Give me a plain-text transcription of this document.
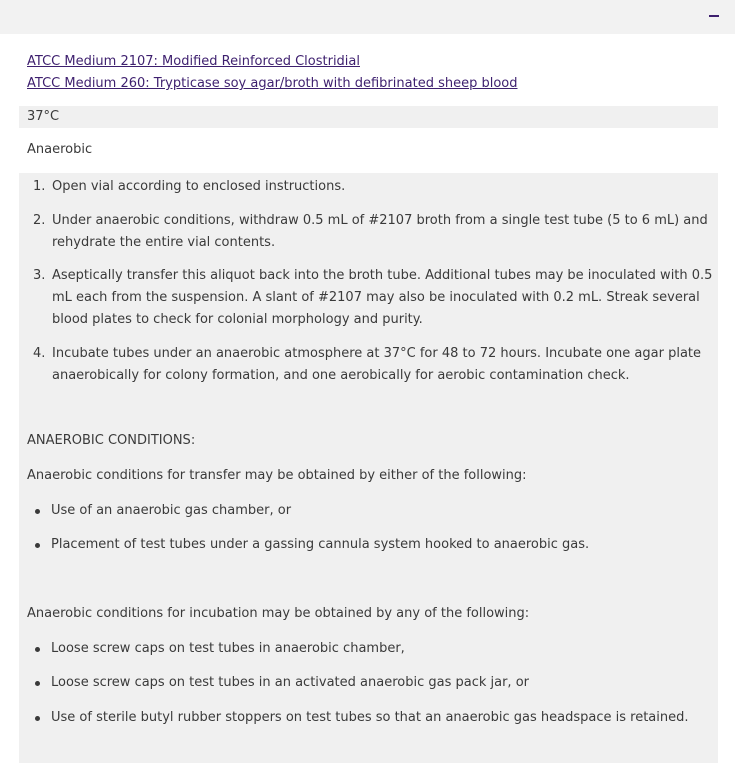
ATCC Medium 2107: Modified Reinforced Clostridial
ATCC Medium 260: Trypticase soy agar/broth with defibrinated sheep blood
37°C
Anaerobic
1. Open vial according to enclosed instructions.
2. Under anaerobic conditions, withdraw 0.5 mL of #2107 broth from a single test tube (5 to 6 mL) and rehydrate the entire vial contents.
3. Aseptically transfer this aliquot back into the broth tube. Additional tubes may be inoculated with 0.5 mL each from the suspension. A slant of #2107 may also be inoculated with 0.2 mL. Streak several blood plates to check for colonial morphology and purity.
4. Incubate tubes under an anaerobic atmosphere at 37°C for 48 to 72 hours. Incubate one agar plate anaerobically for colony formation, and one aerobically for aerobic contamination check.
ANAEROBIC CONDITIONS:
Anaerobic conditions for transfer may be obtained by either of the following:
Use of an anaerobic gas chamber, or
Placement of test tubes under a gassing cannula system hooked to anaerobic gas.
Anaerobic conditions for incubation may be obtained by any of the following:
Loose screw caps on test tubes in anaerobic chamber,
Loose screw caps on test tubes in an activated anaerobic gas pack jar, or
Use of sterile butyl rubber stoppers on test tubes so that an anaerobic gas headspace is retained.
